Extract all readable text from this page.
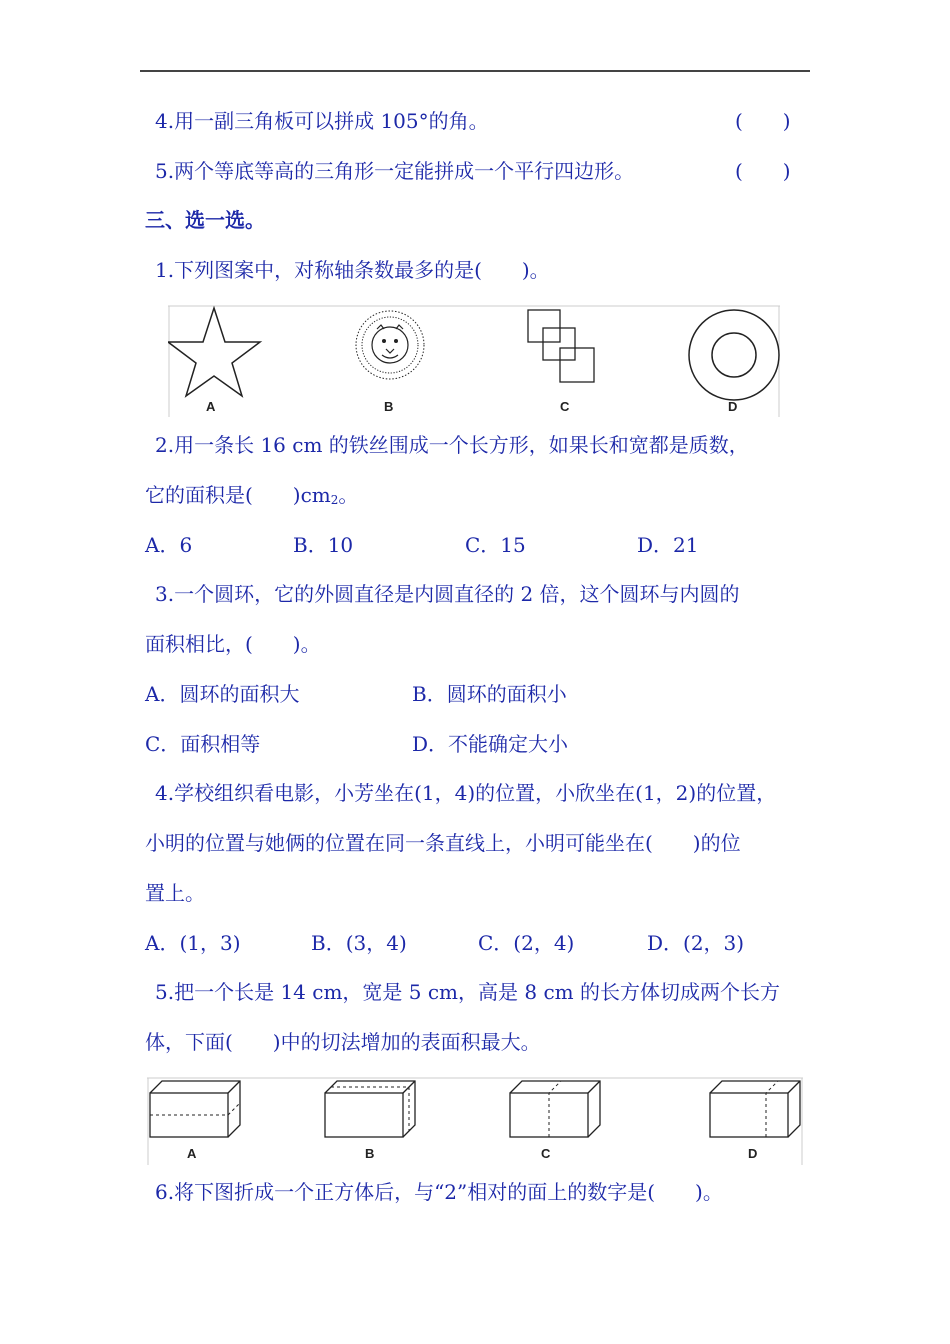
4.用一副三角板可以拼成 105°的角。	(　　)
5.两个等底等高的三角形一定能拼成一个平行四边形。	(　　)
三、选一选。
1.下列图案中，对称轴条数最多的是(　　)。
A	B	C	D
2.用一条长 16 cm 的铁丝围成一个长方形，如果长和宽都是质数，
它的面积是(　　)$cm^2$。
A．6	B．10	C．15	D．21
3.一个圆环，它的外圆直径是内圆直径的 2 倍，这个圆环与内圆的
面积相比，(　　)。
A．圆环的面积大	B．圆环的面积小
C．面积相等	D．不能确定大小
4.学校组织看电影，小芳坐在(1，4)的位置，小欣坐在(1，2)的位置，
小明的位置与她俩的位置在同一条直线上，小明可能坐在(　　)的位
置上。
A．(1，3)	B．(3，4)	C．(2，4)	D．(2，3)
5.把一个长是 14 cm，宽是 5 cm，高是 8 cm 的长方体切成两个长方
体，下面(　　)中的切法增加的表面积最大。
A	B	C	D
6.将下图折成一个正方体后，与“2”相对的面上的数字是(　　)。
